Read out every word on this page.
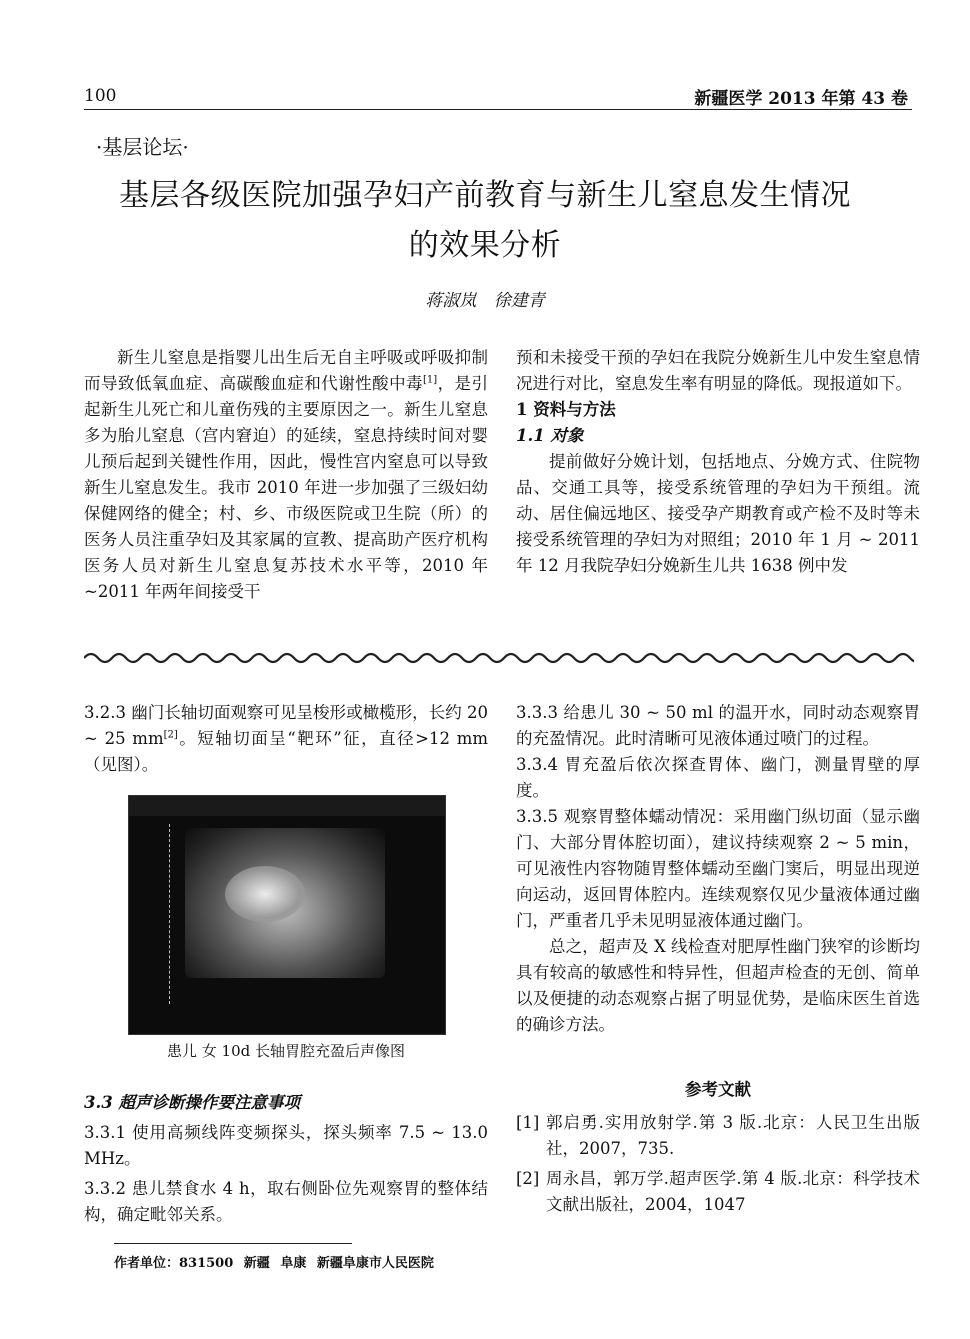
100	新疆医学 2013 年第 43 卷
·基层论坛·
基层各级医院加强孕妇产前教育与新生儿窒息发生情况
的效果分析
蒋淑岚 徐建青

新生儿窒息是指婴儿出生后无自主呼吸或呼吸抑制而导致低氧血症、高碳酸血症和代谢性酸中毒[1]，是引起新生儿死亡和儿童伤残的主要原因之一。新生儿窒息多为胎儿窒息（宫内窘迫）的延续，窒息持续时间对婴儿预后起到关键性作用，因此，慢性宫内窒息可以导致新生儿窒息发生。我市 2010 年进一步加强了三级妇幼保健网络的健全；村、乡、市级医院或卫生院（所）的医务人员注重孕妇及其家属的宣教、提高助产医疗机构医务人员对新生儿窒息复苏技术水平等，2010 年 ~2011 年两年间接受干

预和未接受干预的孕妇在我院分娩新生儿中发生窒息情况进行对比，窒息发生率有明显的降低。现报道如下。

1 资料与方法

1.1 对象

提前做好分娩计划，包括地点、分娩方式、住院物品、交通工具等，接受系统管理的孕妇为干预组。流动、居住偏远地区、接受孕产期教育或产检不及时等未接受系统管理的孕妇为对照组；2010 年 1 月 ~ 2011 年 12 月我院孕妇分娩新生儿共 1638 例中发

3.2.3 幽门长轴切面观察可见呈梭形或橄榄形，长约 20 ~ 25 mm[2]。短轴切面呈“靶环”征，直径>12 mm（见图）。

患儿 女 10d 长轴胃腔充盈后声像图

3.3 超声诊断操作要注意事项

3.3.1 使用高频线阵变频探头，探头频率 7.5 ~ 13.0 MHz。

3.3.2 患儿禁食水 4 h，取右侧卧位先观察胃的整体结构，确定毗邻关系。

3.3.3 给患儿 30 ~ 50 ml 的温开水，同时动态观察胃的充盈情况。此时清晰可见液体通过喷门的过程。

3.3.4 胃充盈后依次探查胃体、幽门，测量胃壁的厚度。

3.3.5 观察胃整体蠕动情况：采用幽门纵切面（显示幽门、大部分胃体腔切面），建议持续观察 2 ~ 5 min，可见液性内容物随胃整体蠕动至幽门窦后，明显出现逆向运动，返回胃体腔内。连续观察仅见少量液体通过幽门，严重者几乎未见明显液体通过幽门。

总之，超声及 X 线检查对肥厚性幽门狭窄的诊断均具有较高的敏感性和特异性，但超声检查的无创、简单以及便捷的动态观察占据了明显优势，是临床医生首选的确诊方法。

参考文献
[1] 郭启勇.实用放射学.第 3 版.北京：人民卫生出版社，2007，735.
[2] 周永昌，郭万学.超声医学.第 4 版.北京：科学技术文献出版社，2004，1047
作者单位：831500 新疆 阜康 新疆阜康市人民医院
